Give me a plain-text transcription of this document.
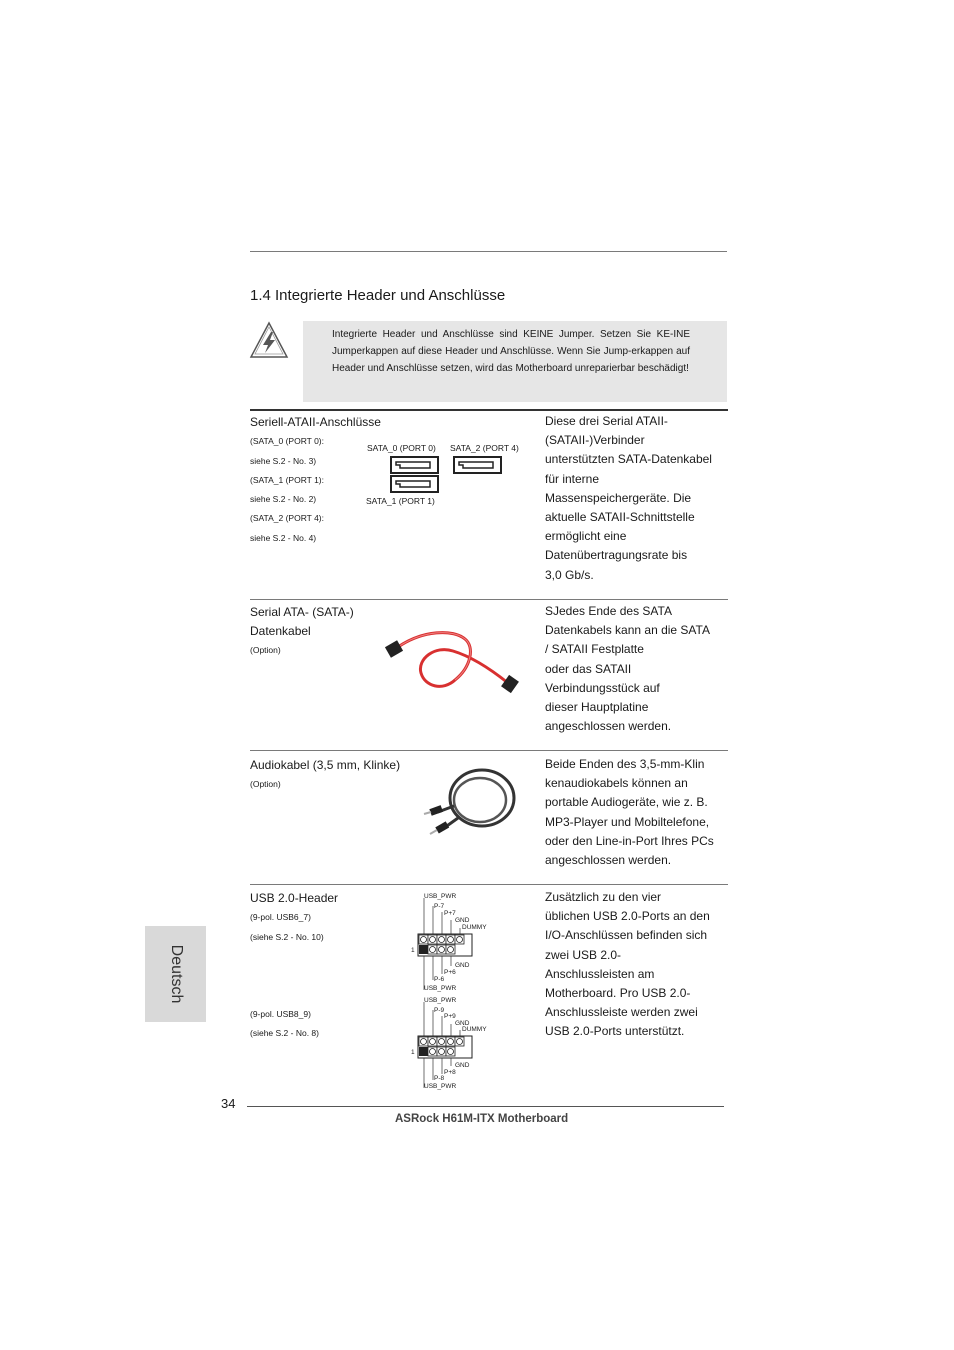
1.4 Integrierte Header und Anschlüsse
Integrierte Header und Anschlüsse sind KEINE Jumper. Setzen Sie KE-INE Jumperkappen auf diese Header und Anschlüsse. Wenn Sie Jump-erkappen auf Header und Anschlüsse setzen, wird das Motherboard unreparierbar beschädigt!
Seriell-ATAII-Anschlüsse
(SATA_0 (PORT 0):
siehe S.2 - No. 3)
(SATA_1 (PORT 1):
siehe S.2 - No. 2)
(SATA_2 (PORT 4):
siehe S.2 - No. 4)
SATA_0 (PORT 0) SATA_2 (PORT 4)
SATA_1 (PORT 1)
Diese drei Serial ATAII-
(SATAII-)Verbinder
unterstützten SATA-Datenkabel
für interne
Massenspeichergeräte. Die
aktuelle SATAII-Schnittstelle
ermöglicht eine
Datenübertragungsrate bis
3,0 Gb/s.
Serial ATA- (SATA-)
Datenkabel
(Option)
SJedes Ende des SATA
Datenkabels kann an die SATA
/ SATAII Festplatte
oder das SATAII
Verbindungsstück auf
dieser Hauptplatine
angeschlossen werden.
Audiokabel (3,5 mm, Klinke)
(Option)
Beide Enden des 3,5-mm-Klin
kenaudiokabels können an
portable Audiogeräte, wie z. B.
MP3-Player und Mobiltelefone,
oder den Line-in-Port Ihres PCs
angeschlossen werden.
USB 2.0-Header
(9-pol. USB6_7)
(siehe S.2 - No. 10)
(9-pol. USB8_9)
(siehe S.2 - No. 8)
USB_PWR
P-7
P+7
GND
DUMMY
1
GND
P+6
P-6
USB_PWR
USB_PWR
P-9
P+9
GND
DUMMY
1
GND
P+8
P-8
USB_PWR
Zusätzlich zu den vier
üblichen USB 2.0-Ports an den
I/O-Anschlüssen befinden sich
zwei USB 2.0-
Anschlussleisten am
Motherboard. Pro USB 2.0-
Anschlussleiste werden zwei
USB 2.0-Ports unterstützt.
Deutsch
34
ASRock H61M-ITX Motherboard
